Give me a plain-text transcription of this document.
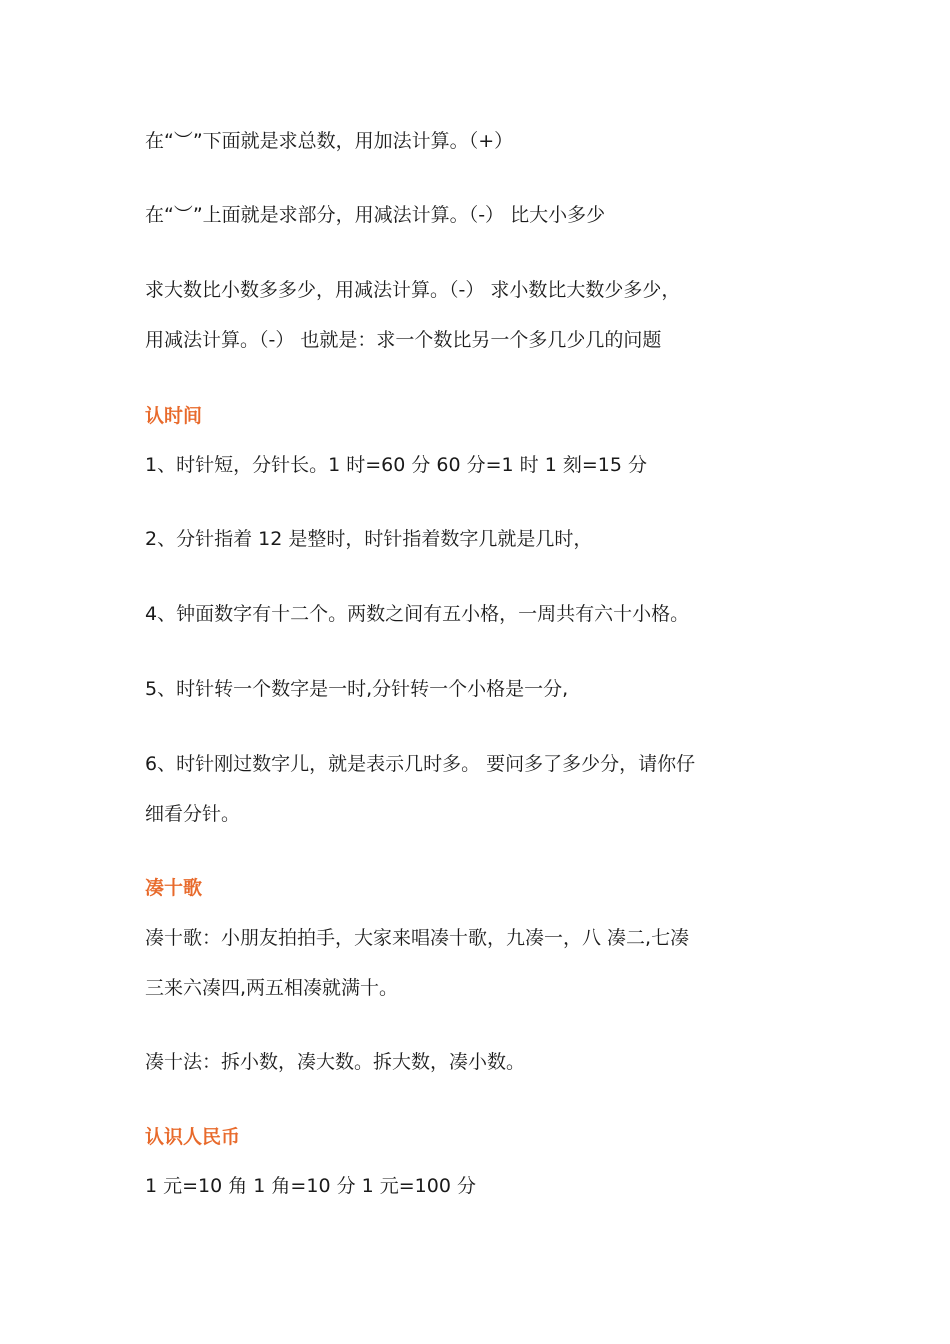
在“︶”下面就是求总数，用加法计算。（+）
在“︶”上面就是求部分，用减法计算。（-） 比大小多少
求大数比小数多多少，用减法计算。（-） 求小数比大数少多少，
用减法计算。（-） 也就是：求一个数比另一个多几少几的问题
认时间
1、时针短，分针长。1 时=60 分 60 分=1 时 1 刻=15 分
2、分针指着 12 是整时，时针指着数字几就是几时，
4、钟面数字有十二个。两数之间有五小格，一周共有六十小格。
5、时针转一个数字是一时,分针转一个小格是一分,
6、时针刚过数字儿，就是表示几时多。 要问多了多少分，请你仔
细看分针。
凑十歌
凑十歌：小朋友拍拍手，大家来唱凑十歌，九凑一，八 凑二,七凑
三来六凑四,两五相凑就满十。
凑十法：拆小数，凑大数。拆大数，凑小数。
认识人民币
1 元=10 角 1 角=10 分 1 元=100 分
